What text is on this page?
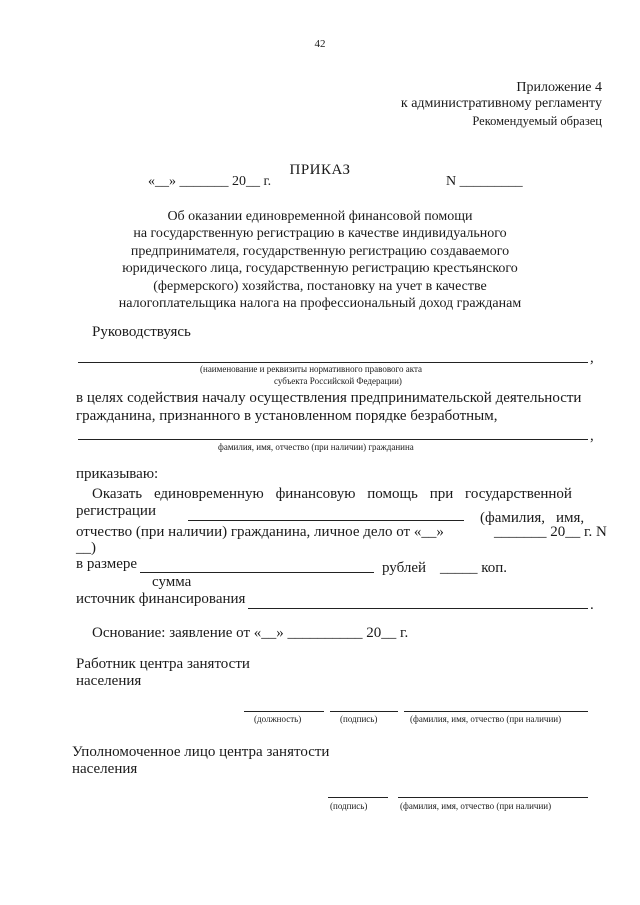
42
Приложение 4
к административному регламенту
Рекомендуемый образец
ПРИКАЗ
«__» _______ 20__ г.	N _________
Об оказании единовременной финансовой помощи
на государственную регистрацию в качестве индивидуального
предпринимателя, государственную регистрацию создаваемого
юридического лица, государственную регистрацию крестьянского
(фермерского) хозяйства, постановку на учет в качестве
налогоплательщика налога на профессиональный доход гражданам
Руководствуясь
,
(наименование и реквизиты нормативного правового акта
субъекта Российской Федерации)
в целях содействия началу осуществления предпринимательской деятельности
гражданина, признанного в установленном порядке безработным,
,
фамилия, имя, отчество (при наличии) гражданина
приказываю:
Оказать единовременную финансовую помощь при государственной
регистрации	(фамилия, имя,
отчество (при наличии) гражданина, личное дело от «__»	_______ 20__ г. N
__)
в размере	рублей _____ коп.
сумма
источник финансирования	.
Основание: заявление от «__» __________ 20__ г.
Работник центра занятости
населения
(должность)	(подпись)	(фамилия, имя, отчество (при наличии)
Уполномоченное лицо центра занятости
населения
(подпись)	(фамилия, имя, отчество (при наличии)
